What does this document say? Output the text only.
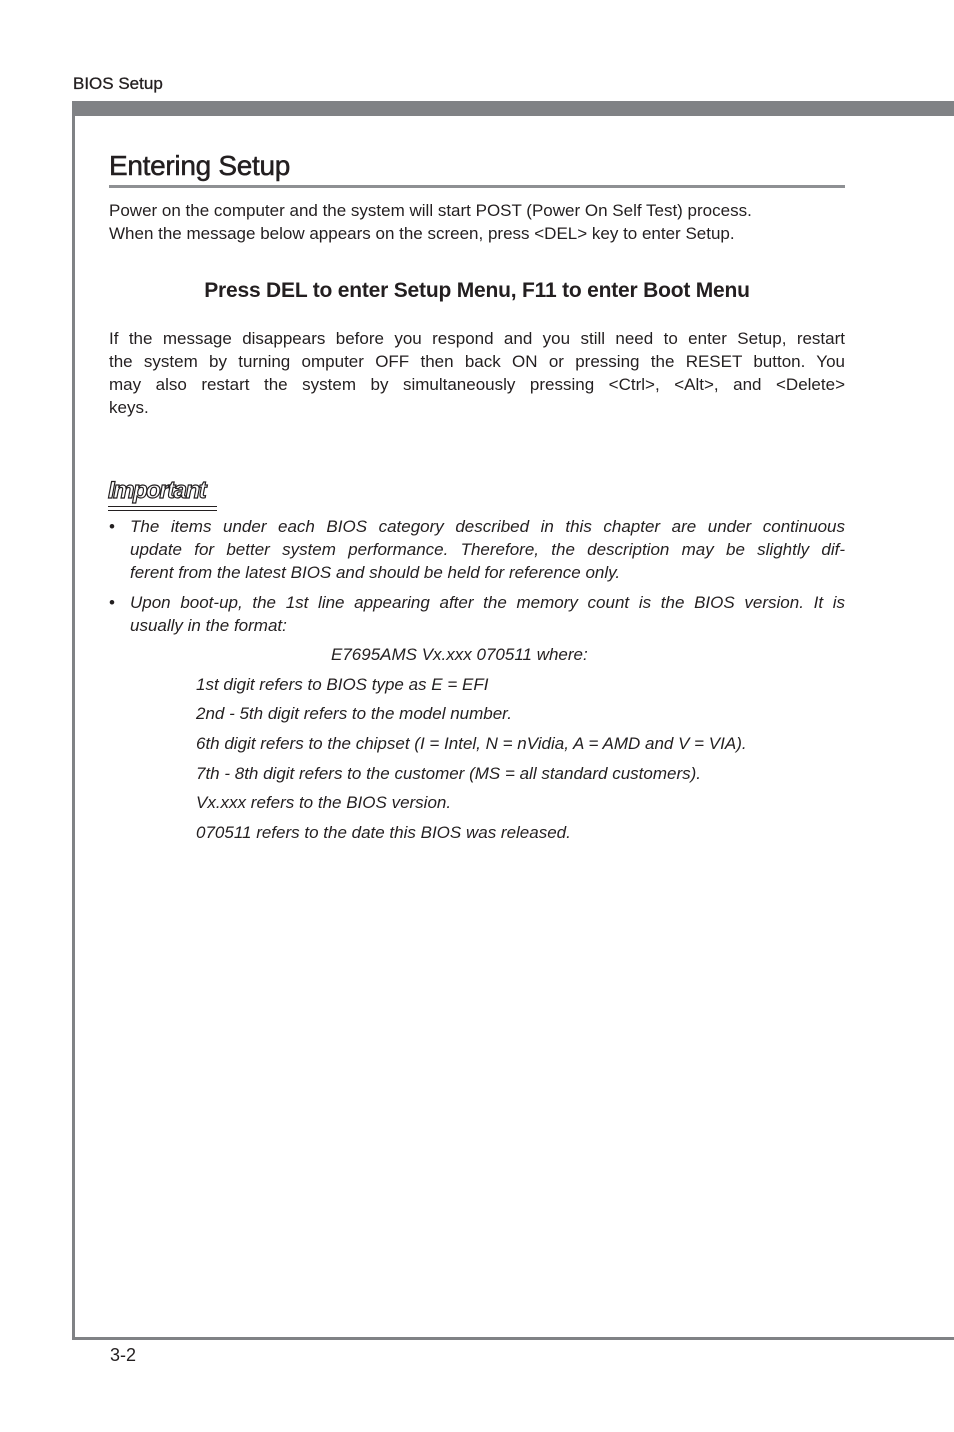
BIOS Setup
Entering Setup
Power on the computer and the system will start POST (Power On Self Test) process.
When the message below appears on the screen, press <DEL> key to enter Setup.
Press DEL to enter Setup Menu, F11 to enter Boot Menu
If the message disappears before you respond and you still need to enter Setup, restart
the system by turning omputer OFF then back ON or pressing the RESET button. You
may also restart the system by simultaneously pressing <Ctrl>, <Alt>, and <Delete>
keys.
Important
• The items under each BIOS category described in this chapter are under continuous
update for better system performance. Therefore, the description may be slightly dif-
ferent from the latest BIOS and should be held for reference only.
• Upon boot-up, the 1st line appearing after the memory count is the BIOS version. It is
usually in the format:
E7695AMS Vx.xxx 070511 where:
1st digit refers to BIOS type as E = EFI
2nd - 5th digit refers to the model number.
6th digit refers to the chipset (I = Intel, N = nVidia, A = AMD and V = VIA).
7th - 8th digit refers to the customer (MS = all standard customers).
Vx.xxx refers to the BIOS version.
070511 refers to the date this BIOS was released.
3-2
